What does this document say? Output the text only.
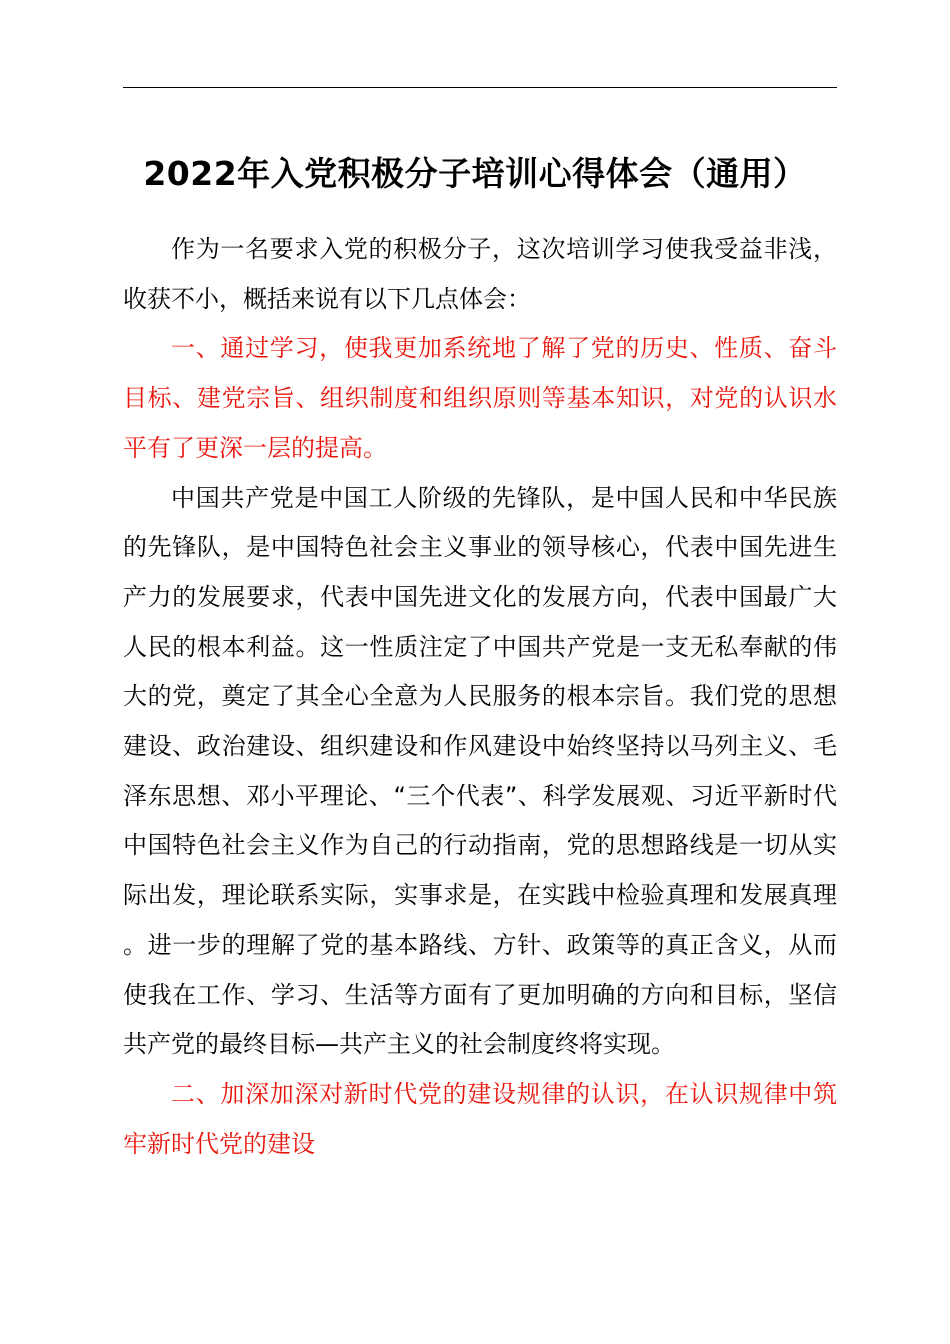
2022年入党积极分子培训心得体会（通用）

作为一名要求入党的积极分子，这次培训学习使我受益非浅，收获不小，概括来说有以下几点体会：

一、通过学习，使我更加系统地了解了党的历史、性质、奋斗目标、建党宗旨、组织制度和组织原则等基本知识，对党的认识水平有了更深一层的提高。

中国共产党是中国工人阶级的先锋队，是中国人民和中华民族的先锋队，是中国特色社会主义事业的领导核心，代表中国先进生产力的发展要求，代表中国先进文化的发展方向，代表中国最广大人民的根本利益。这一性质注定了中国共产党是一支无私奉献的伟大的党，奠定了其全心全意为人民服务的根本宗旨。我们党的思想建设、政治建设、组织建设和作风建设中始终坚持以马列主义、毛泽东思想、邓小平理论、“三个代表”、科学发展观、习近平新时代中国特色社会主义作为自己的行动指南，党的思想路线是一切从实际出发，理论联系实际，实事求是，在实践中检验真理和发展真理。进一步的理解了党的基本路线、方针、政策等的真正含义，从而使我在工作、学习、生活等方面有了更加明确的方向和目标，坚信共产党的最终目标—共产主义的社会制度终将实现。

二、加深加深对新时代党的建设规律的认识，在认识规律中筑牢新时代党的建设
